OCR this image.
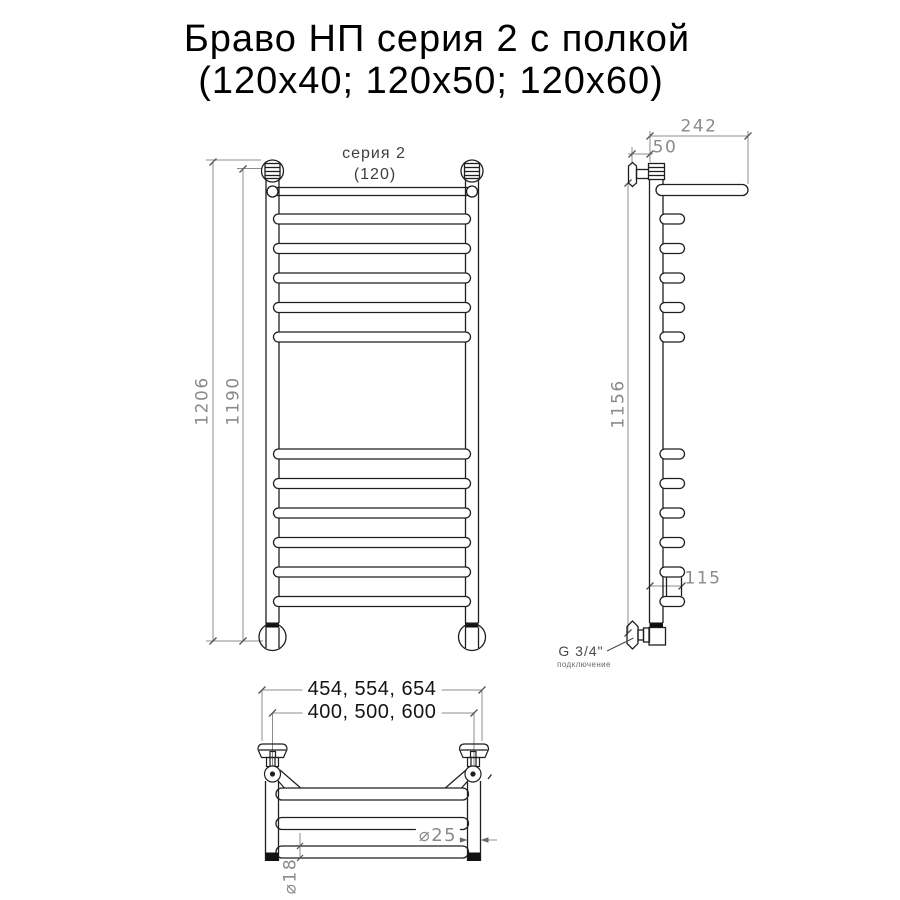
Браво НП серия 2 с полкой
(120x40; 120x50; 120x60)
серия 2
(120)
1206 1190
242
50
1156
115
G 3/4"
подключение
454, 554, 654
400, 500, 600
⌀25
⌀18
